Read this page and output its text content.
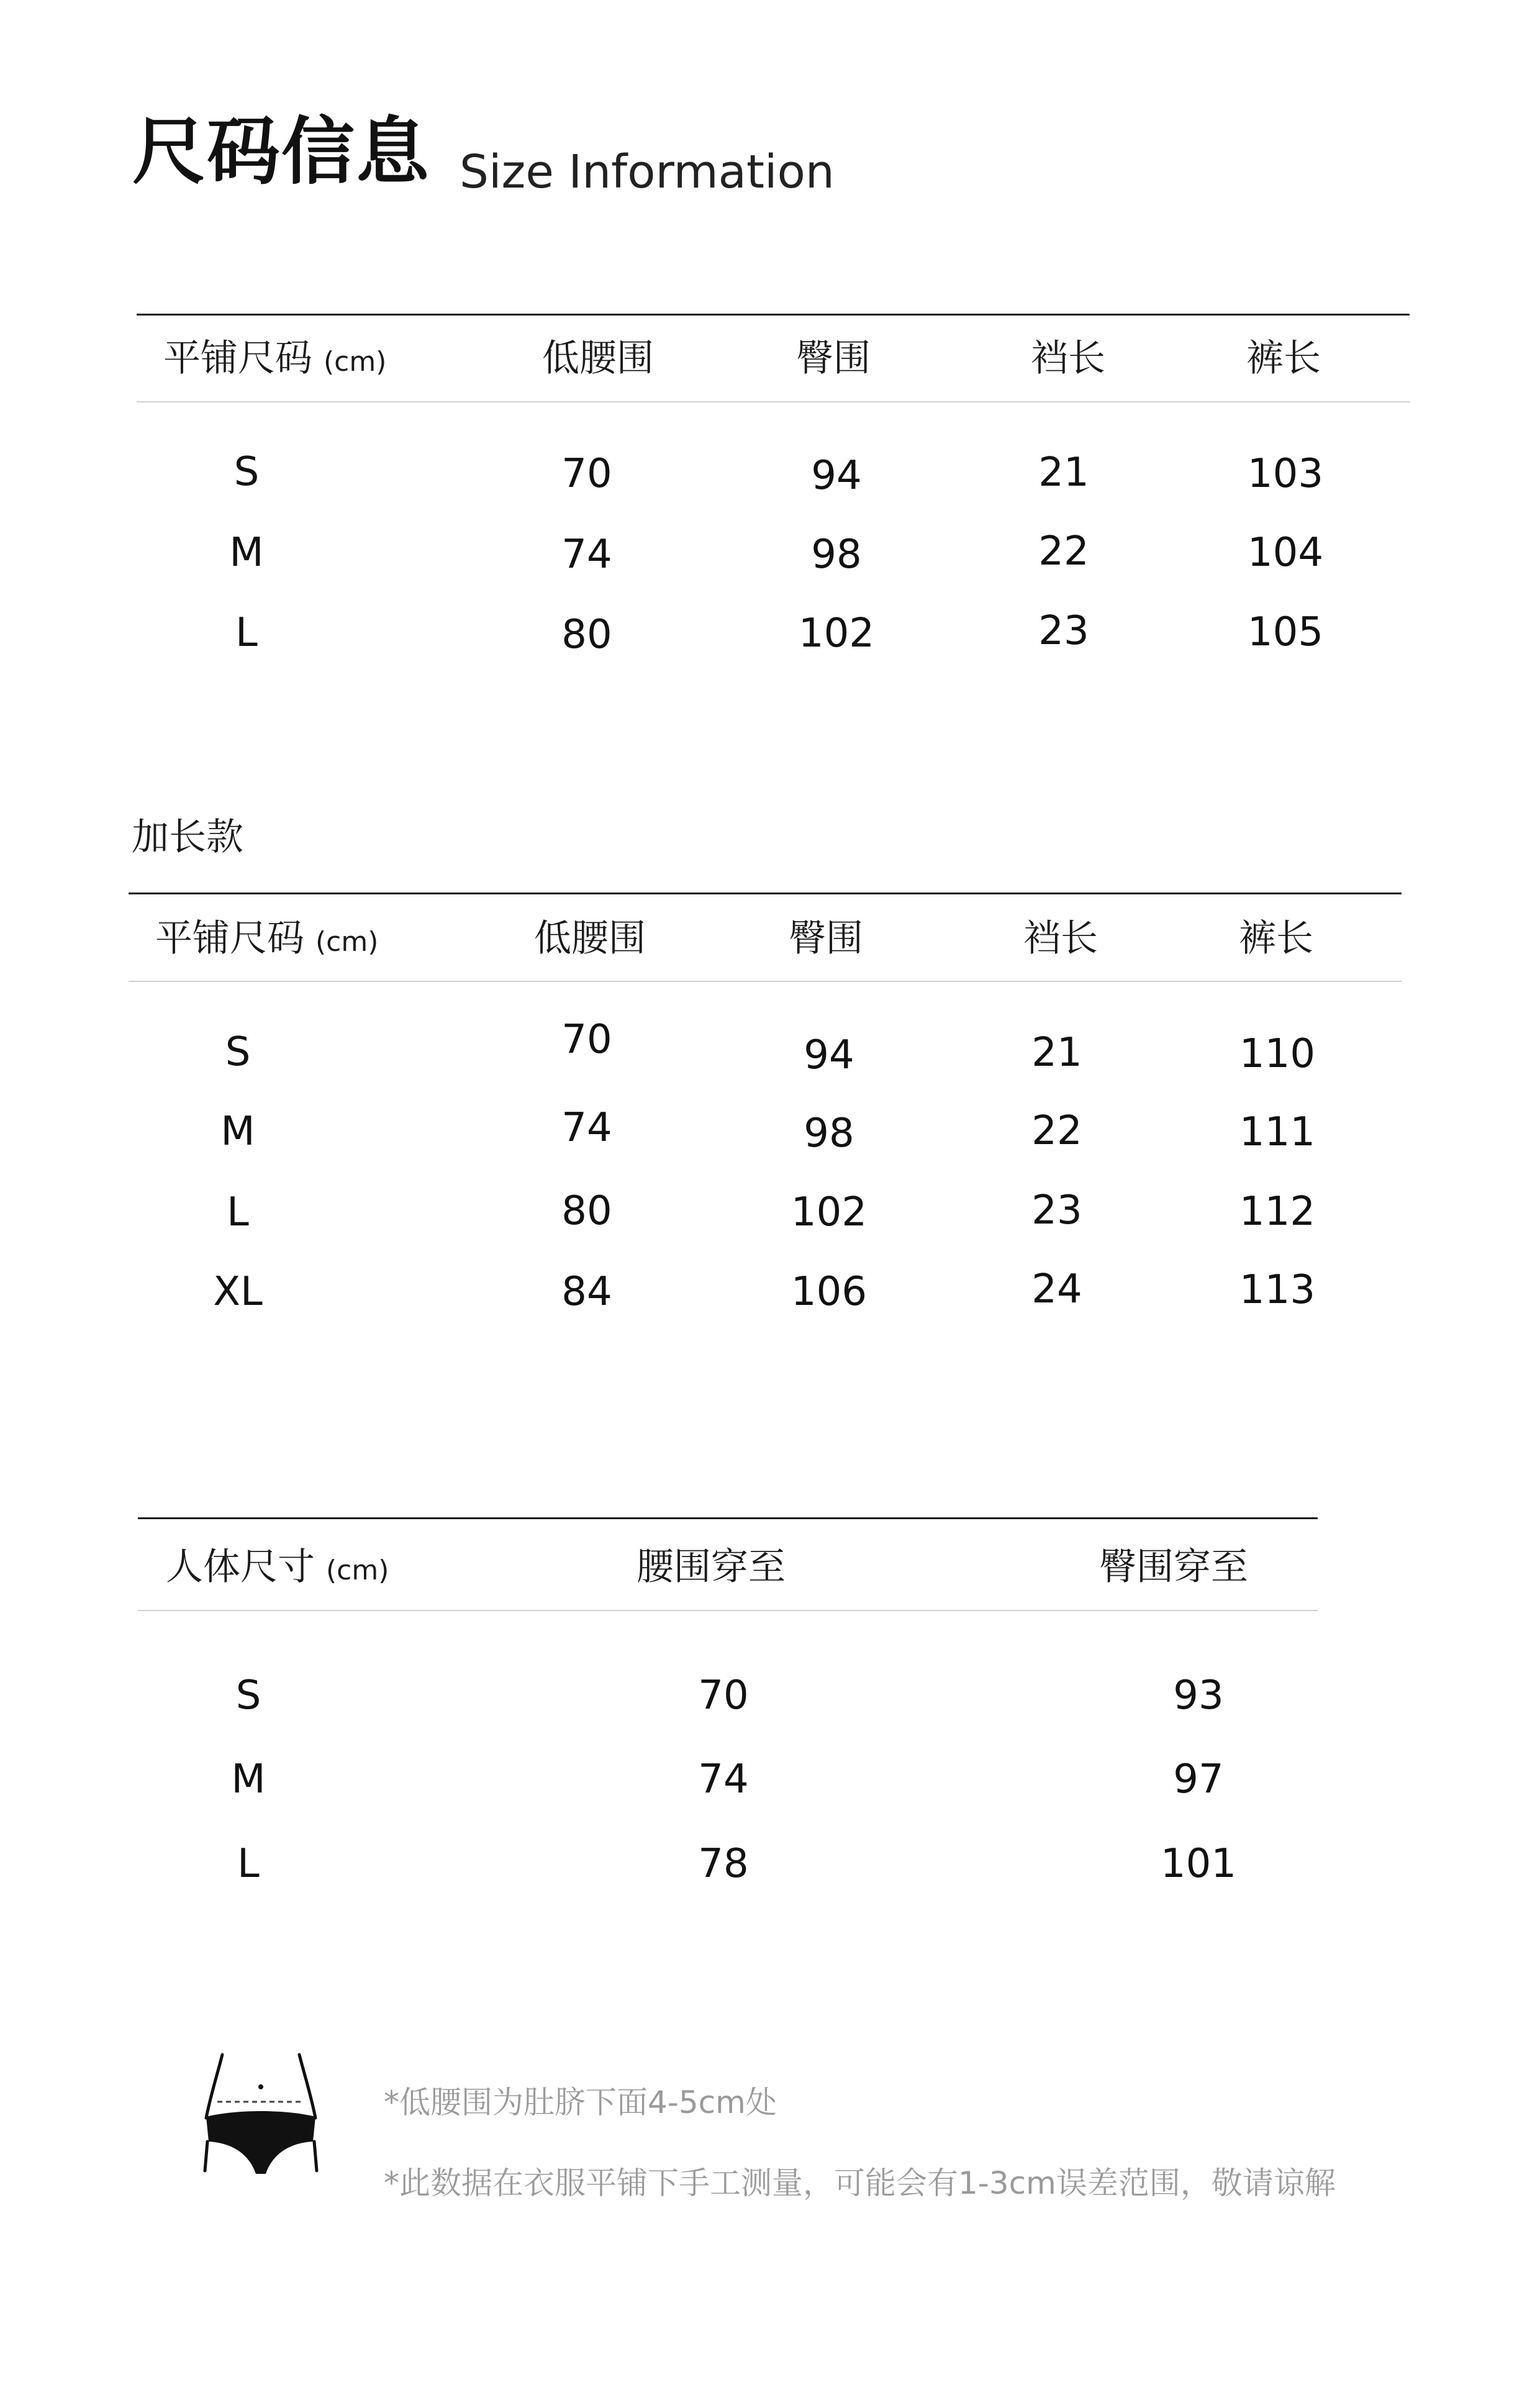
尺码信息 Size Information
平铺尺码 (cm)	低腰围	臀围	裆长	裤长
S	70	94	21	103
M	74	98	22	104
L	80	102	23	105
加长款
平铺尺码 (cm)	低腰围	臀围	裆长	裤长
S	70	94	21	110
M	74	98	22	111
L	80	102	23	112
XL	84	106	24	113
人体尺寸 (cm)	腰围穿至	臀围穿至
S	70	93
M	74	97
L	78	101
*低腰围为肚脐下面4-5cm处
*此数据在衣服平铺下手工测量，可能会有1-3cm误差范围，敬请谅解
